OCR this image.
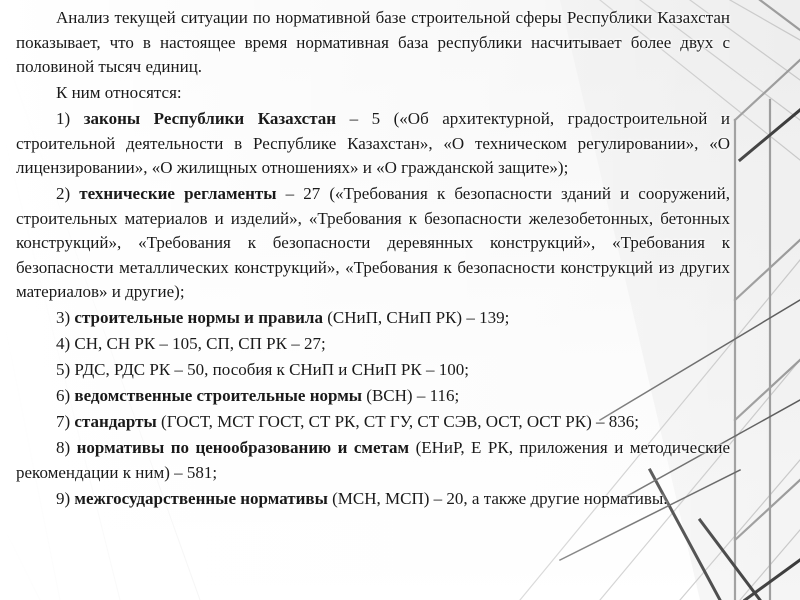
Анализ текущей ситуации по нормативной базе строительной сферы Республики Казахстан показывает, что в настоящее время нормативная база республики насчитывает более двух с половиной тысяч единиц.

К ним относятся:

1) законы Республики Казахстан – 5 («Об архитектурной, градостроительной и строительной деятельности в Республике Казахстан», «О техническом регулировании», «О лицензировании», «О жилищных отношениях» и «О гражданской защите»);

2) технические регламенты – 27 («Требования к безопасности зданий и сооружений, строительных материалов и изделий», «Требования к безопасности железобетонных, бетонных конструкций», «Требования к безопасности деревянных конструкций», «Требования к безопасности металлических конструкций», «Требования к безопасности конструкций из других материалов» и другие);

3) строительные нормы и правила (СНиП, СНиП РК) – 139;

4) СН, СН РК – 105, СП, СП РК – 27;

5) РДС, РДС РК – 50, пособия к СНиП и СНиП РК – 100;

6) ведомственные строительные нормы (ВСН) – 116;

7) стандарты (ГОСТ, МСТ ГОСТ, СТ РК, СТ ГУ, СТ СЭВ, ОСТ, ОСТ РК) – 836;

8) нормативы по ценообразованию и сметам (ЕНиР, Е РК, приложения и методические рекомендации к ним) – 581;

9) межгосударственные нормативы (МСН, МСП) – 20, а также другие нормативы.
